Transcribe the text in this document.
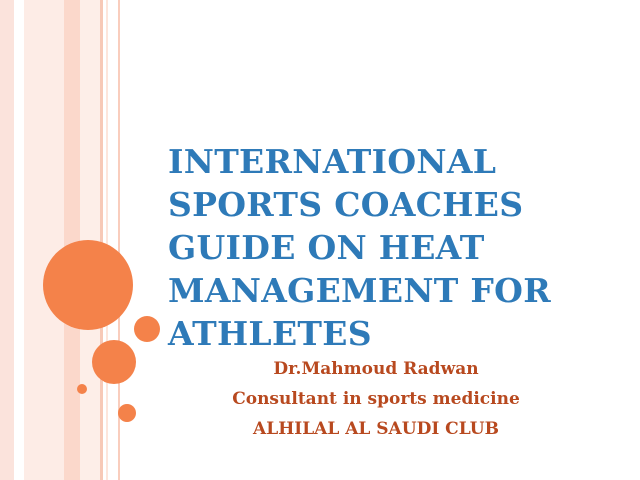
INTERNATIONAL
SPORTS COACHES
GUIDE ON HEAT
MANAGEMENT FOR
ATHLETES
Dr.Mahmoud Radwan
Consultant in sports medicine
ALHILAL AL SAUDI CLUB
